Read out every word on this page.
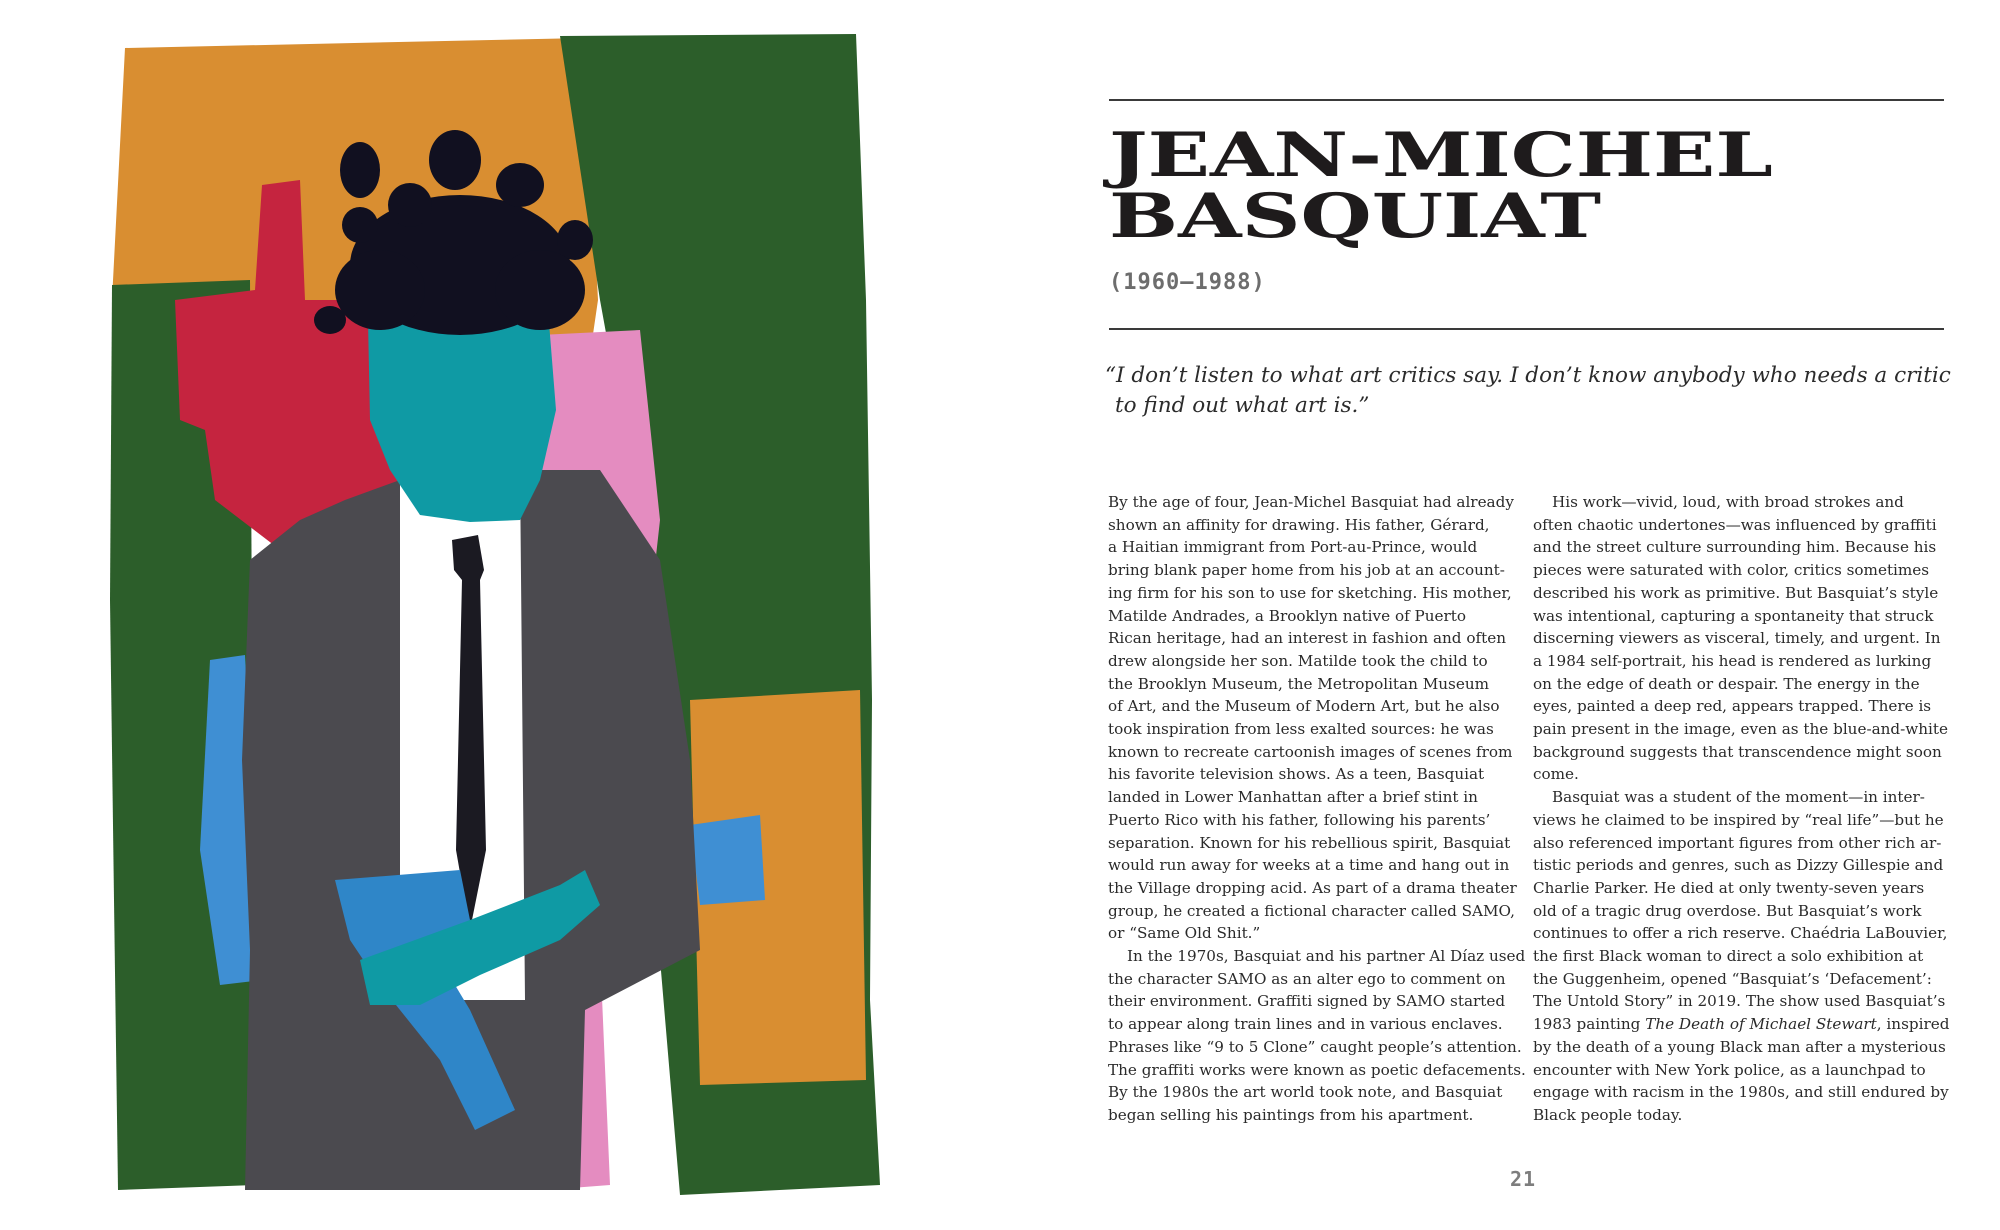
JEAN-MICHEL
BASQUIAT
(1960–1988)
“I don’t listen to what art critics say. I don’t know anybody who needs a critic
to find out what art is.”
By the age of four, Jean-Michel Basquiat had already
shown an affinity for drawing. His father, Gérard,
a Haitian immigrant from Port-au-Prince, would
bring blank paper home from his job at an account-
ing firm for his son to use for sketching. His mother,
Matilde Andrades, a Brooklyn native of Puerto
Rican heritage, had an interest in fashion and often
drew alongside her son. Matilde took the child to
the Brooklyn Museum, the Metropolitan Museum
of Art, and the Museum of Modern Art, but he also
took inspiration from less exalted sources: he was
known to recreate cartoonish images of scenes from
his favorite television shows. As a teen, Basquiat
landed in Lower Manhattan after a brief stint in
Puerto Rico with his father, following his parents’
separation. Known for his rebellious spirit, Basquiat
would run away for weeks at a time and hang out in
the Village dropping acid. As part of a drama theater
group, he created a fictional character called SAMO,
or “Same Old Shit.”
In the 1970s, Basquiat and his partner Al Díaz used
the character SAMO as an alter ego to comment on
their environment. Graffiti signed by SAMO started
to appear along train lines and in various enclaves.
Phrases like “9 to 5 Clone” caught people’s attention.
The graffiti works were known as poetic defacements.
By the 1980s the art world took note, and Basquiat
began selling his paintings from his apartment.
His work—vivid, loud, with broad strokes and
often chaotic undertones—was influenced by graffiti
and the street culture surrounding him. Because his
pieces were saturated with color, critics sometimes
described his work as primitive. But Basquiat’s style
was intentional, capturing a spontaneity that struck
discerning viewers as visceral, timely, and urgent. In
a 1984 self-portrait, his head is rendered as lurking
on the edge of death or despair. The energy in the
eyes, painted a deep red, appears trapped. There is
pain present in the image, even as the blue-and-white
background suggests that transcendence might soon
come.
Basquiat was a student of the moment—in inter-
views he claimed to be inspired by “real life”—but he
also referenced important figures from other rich ar-
tistic periods and genres, such as Dizzy Gillespie and
Charlie Parker. He died at only twenty-seven years
old of a tragic drug overdose. But Basquiat’s work
continues to offer a rich reserve. Chaédria LaBouvier,
the first Black woman to direct a solo exhibition at
the Guggenheim, opened “Basquiat’s ‘Defacement’:
The Untold Story” in 2019. The show used Basquiat’s
1983 painting The Death of Michael Stewart, inspired
by the death of a young Black man after a mysterious
encounter with New York police, as a launchpad to
engage with racism in the 1980s, and still endured by
Black people today.
21
